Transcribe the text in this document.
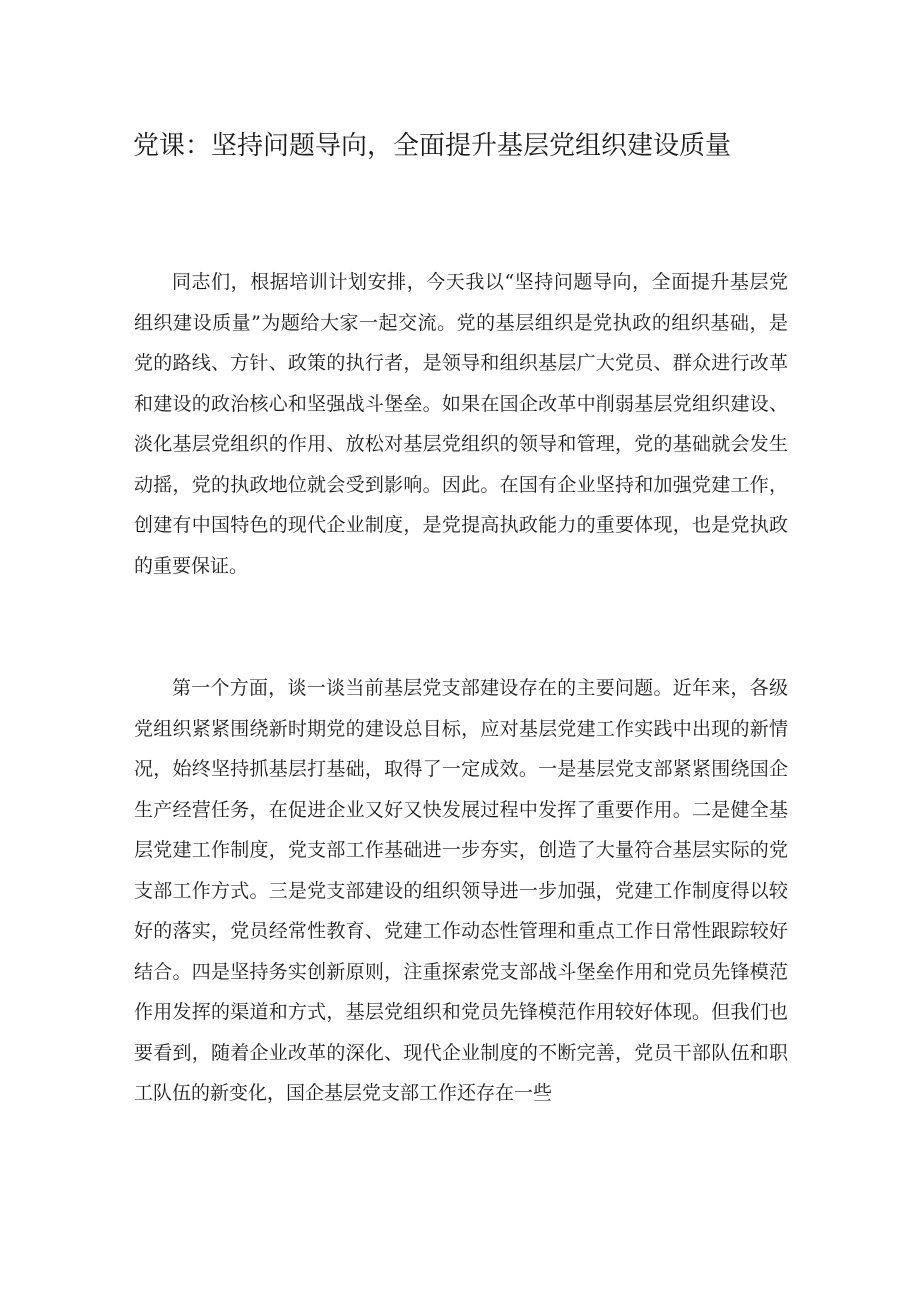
党课：坚持问题导向，全面提升基层党组织建设质量

同志们，根据培训计划安排，今天我以“坚持问题导向，全面提升基层党组织建设质量”为题给大家一起交流。党的基层组织是党执政的组织基础，是党的路线、方针、政策的执行者，是领导和组织基层广大党员、群众进行改革和建设的政治核心和坚强战斗堡垒。如果在国企改革中削弱基层党组织建设、淡化基层党组织的作用、放松对基层党组织的领导和管理，党的基础就会发生动摇，党的执政地位就会受到影响。因此。在国有企业坚持和加强党建工作，创建有中国特色的现代企业制度，是党提高执政能力的重要体现，也是党执政的重要保证。

第一个方面，谈一谈当前基层党支部建设存在的主要问题。近年来，各级党组织紧紧围绕新时期党的建设总目标，应对基层党建工作实践中出现的新情况，始终坚持抓基层打基础，取得了一定成效。一是基层党支部紧紧围绕国企生产经营任务，在促进企业又好又快发展过程中发挥了重要作用。二是健全基层党建工作制度，党支部工作基础进一步夯实，创造了大量符合基层实际的党支部工作方式。三是党支部建设的组织领导进一步加强，党建工作制度得以较好的落实，党员经常性教育、党建工作动态性管理和重点工作日常性跟踪较好结合。四是坚持务实创新原则，注重探索党支部战斗堡垒作用和党员先锋模范作用发挥的渠道和方式，基层党组织和党员先锋模范作用较好体现。但我们也要看到，随着企业改革的深化、现代企业制度的不断完善，党员干部队伍和职工队伍的新变化，国企基层党支部工作还存在一些
